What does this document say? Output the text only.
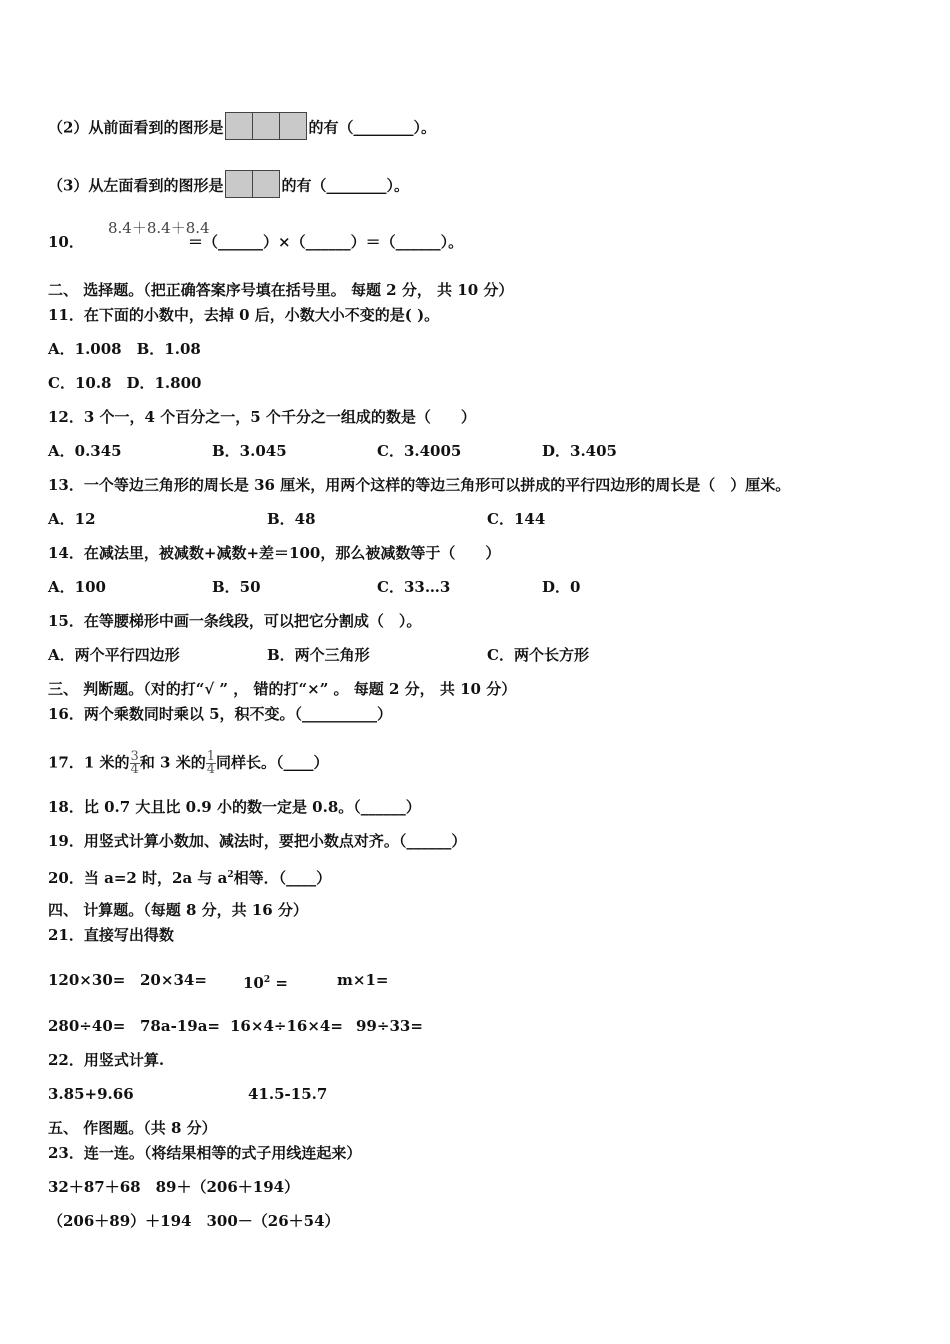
（2）从前面看到的图形是	的有（________）。
（3）从左面看到的图形是	的有（________）。
10．
8.4＋8.4＋8.4
＝（______）×（______）＝（______）。
二、 选择题。（把正确答案序号填在括号里。 每题 2 分， 共 10 分）
11．在下面的小数中，去掉 0 后，小数大小不变的是( )。
A．1.008　B．1.08
C．10.8　D．1.800
12．3 个一，4 个百分之一，5 个千分之一组成的数是（　　）
A．0.345	B．3.045	C．3.4005	D．3.405
13．一个等边三角形的周长是 36 厘米，用两个这样的等边三角形可以拼成的平行四边形的周长是（　）厘米。
A．12	B．48	C．144
14．在减法里，被减数+减数+差＝100，那么被减数等于（　　）
A．100	B．50	C．33…3	D．0
15．在等腰梯形中画一条线段，可以把它分割成（　）。
A．两个平行四边形	B．两个三角形	C．两个长方形
三、 判断题。（对的打“√ ” ， 错的打“×” 。 每题 2 分， 共 10 分）
16．两个乘数同时乘以 5，积不变。（__________）
17．1 米的 $\frac{3}{4}$ 和 3 米的 $\frac{1}{4}$ 同样长。（____）
18．比 0.7 大且比 0.9 小的数一定是 0.8。（______）
19．用竖式计算小数加、减法时，要把小数点对齐。（______）
20．当 a=2 时，2a 与 $a^2$相等．（____）
四、 计算题。（每题 8 分，共 16 分）
21．直接写出得数
$120\times 30= 20\times 34= 10^2$ =	m×1=
280÷40= 78a-19a= 16×4÷16×4= 99÷33=
22．用竖式计算.
3.85+9.66	41.5-15.7
五、 作图题。（共 8 分）
23．连一连。（将结果相等的式子用线连起来）
32＋87＋68　89＋（206＋194）
（206＋89）＋194　300－（26＋54）
